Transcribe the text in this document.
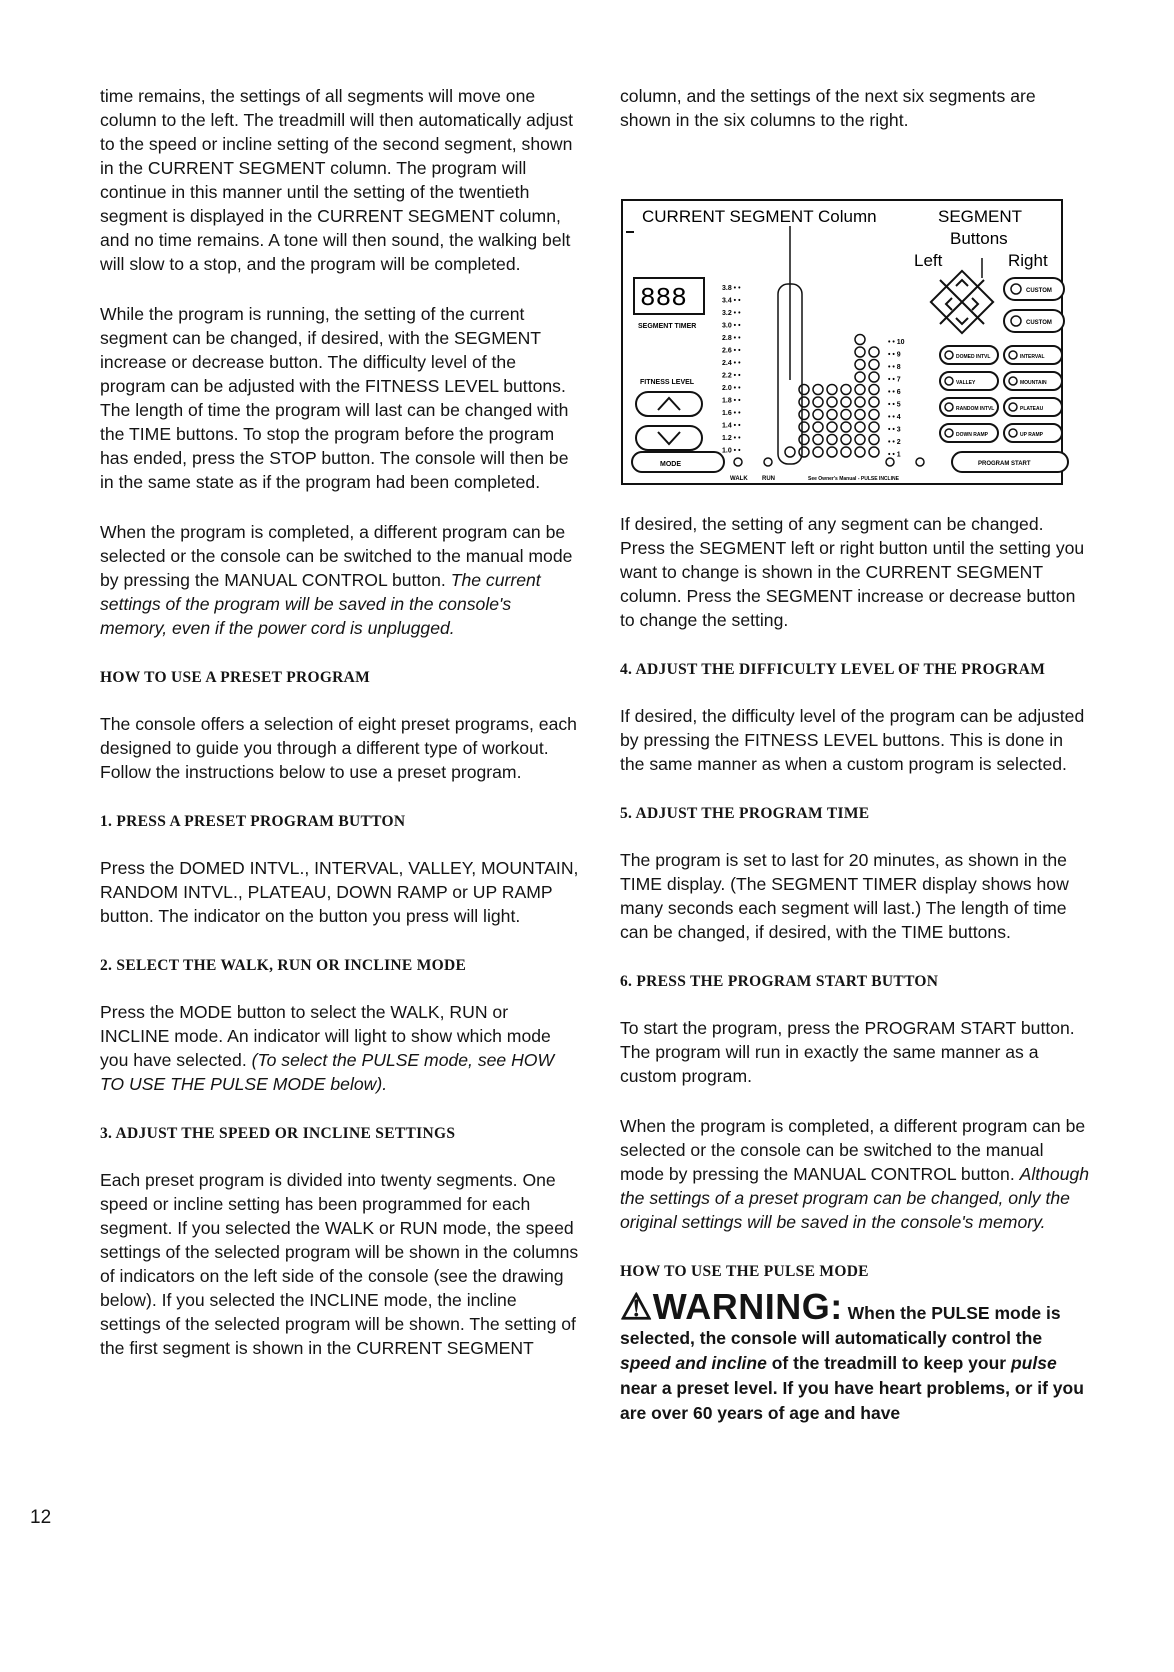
time remains, the settings of all segments will move one column to the left. The treadmill will then automatically adjust to the speed or incline setting of the second segment, shown in the CURRENT SEGMENT column. The program will continue in this manner until the setting of the twentieth segment is displayed in the CURRENT SEGMENT column, and no time remains. A tone will then sound, the walking belt will slow to a stop, and the program will be completed.

While the program is running, the setting of the current segment can be changed, if desired, with the SEGMENT increase or decrease button. The difficulty level of the program can be adjusted with the FITNESS LEVEL buttons. The length of time the program will last can be changed with the TIME buttons. To stop the program before the program has ended, press the STOP button. The console will then be in the same state as if the program had been completed.

When the program is completed, a different program can be selected or the console can be switched to the manual mode by pressing the MANUAL CONTROL button. The current settings of the program will be saved in the console's memory, even if the power cord is unplugged.

HOW TO USE A PRESET PROGRAM

The console offers a selection of eight preset programs, each designed to guide you through a different type of workout. Follow the instructions below to use a preset program.

1. PRESS A PRESET PROGRAM BUTTON

Press the DOMED INTVL., INTERVAL, VALLEY, MOUNTAIN, RANDOM INTVL., PLATEAU, DOWN RAMP or UP RAMP button. The indicator on the button you press will light.

2. SELECT THE WALK, RUN OR INCLINE MODE

Press the MODE button to select the WALK, RUN or INCLINE mode. An indicator will light to show which mode you have selected. (To select the PULSE mode, see HOW TO USE THE PULSE MODE below).

3. ADJUST THE SPEED OR INCLINE SETTINGS

Each preset program is divided into twenty segments. One speed or incline setting has been programmed for each segment. If you selected the WALK or RUN mode, the speed settings of the selected program will be shown in the columns of indicators on the left side of the console (see the drawing below). If you selected the INCLINE mode, the incline settings of the selected program will be shown. The setting of the first segment is shown in the CURRENT SEGMENT

column, and the settings of the next six segments are shown in the six columns to the right.

CURRENT SEGMENT Column	SEGMENT
Buttons
Left	Right
888
SEGMENT TIMER
FITNESS LEVEL
3.8 • •
3.4 • •
3.2 • •
3.0 • •
2.8 • •
2.6 • •
2.4 • •
2.2 • •
2.0 • •
1.8 • •
1.6 • •
1.4 • •
1.2 • •
1.0 • •
• • 10
• • 9
• • 8
• • 7
• • 6
• • 5
• • 4
• • 3
• • 2
• • 1
CUSTOM
CUSTOM
DOMED INTVL	INTERVAL
VALLEY	MOUNTAIN
RANDOM INTVL	PLATEAU
DOWN RAMP	UP RAMP
MODE
WALK RUN	See Owner's Manual - PULSE INCLINE
PROGRAM START

If desired, the setting of any segment can be changed. Press the SEGMENT left or right button until the setting you want to change is shown in the CURRENT SEGMENT column. Press the SEGMENT increase or decrease button to change the setting.

4. ADJUST THE DIFFICULTY LEVEL OF THE PROGRAM

If desired, the difficulty level of the program can be adjusted by pressing the FITNESS LEVEL buttons. This is done in the same manner as when a custom program is selected.

5. ADJUST THE PROGRAM TIME

The program is set to last for 20 minutes, as shown in the TIME display. (The SEGMENT TIMER display shows how many seconds each segment will last.) The length of time can be changed, if desired, with the TIME buttons.

6. PRESS THE PROGRAM START BUTTON

To start the program, press the PROGRAM START button. The program will run in exactly the same manner as a custom program.

When the program is completed, a different program can be selected or the console can be switched to the manual mode by pressing the MANUAL CONTROL button. Although the settings of a preset program can be changed, only the original settings will be saved in the console's memory.

HOW TO USE THE PULSE MODE
⚠WARNING: When the PULSE mode is selected, the console will automatically control the speed and incline of the treadmill to keep your pulse near a preset level. If you have heart problems, or if you are over 60 years of age and have
12
